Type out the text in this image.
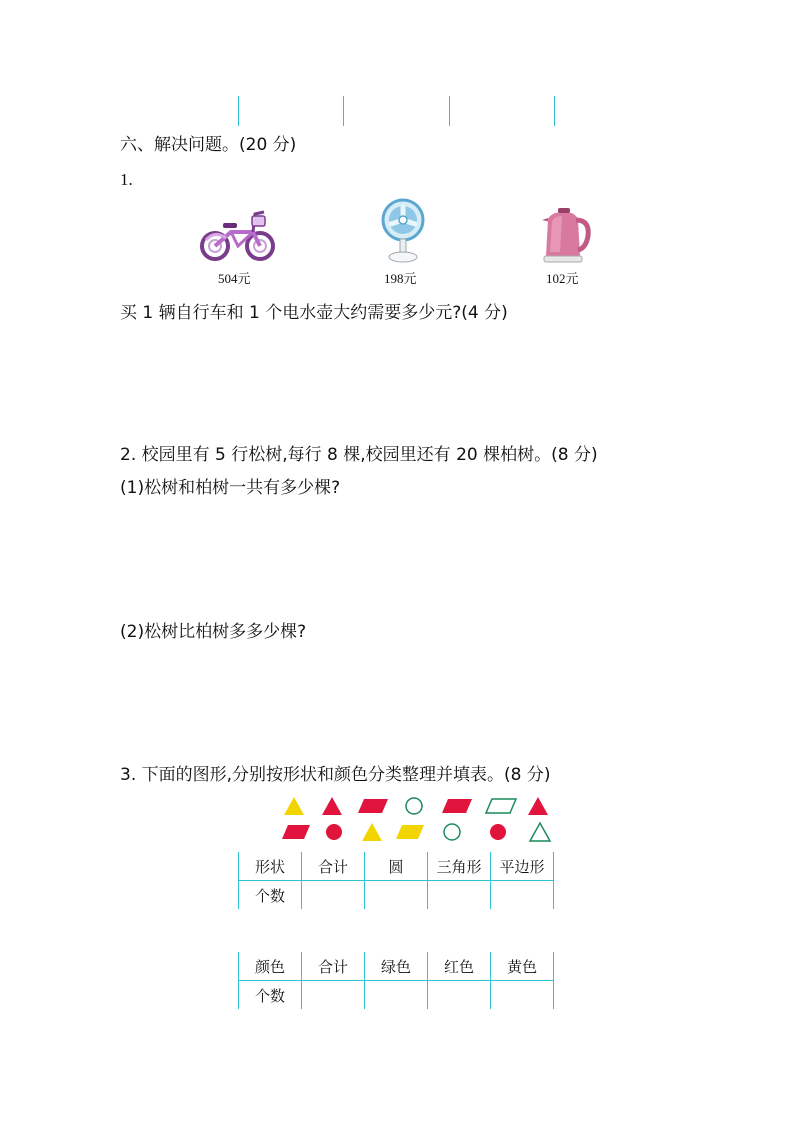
六、解决问题。(20 分)
1.
504元	198元	102元
买 1 辆自行车和 1 个电水壶大约需要多少元?(4 分)
2. 校园里有 5 行松树,每行 8 棵,校园里还有 20 棵柏树。(8 分)
(1)松树和柏树一共有多少棵?
(2)松树比柏树多多少棵?
3. 下面的图形,分别按形状和颜色分类整理并填表。(8 分)
形状	合计	圆	三角形	平边形
个数				
颜色	合计	绿色	红色	黄色
个数				
